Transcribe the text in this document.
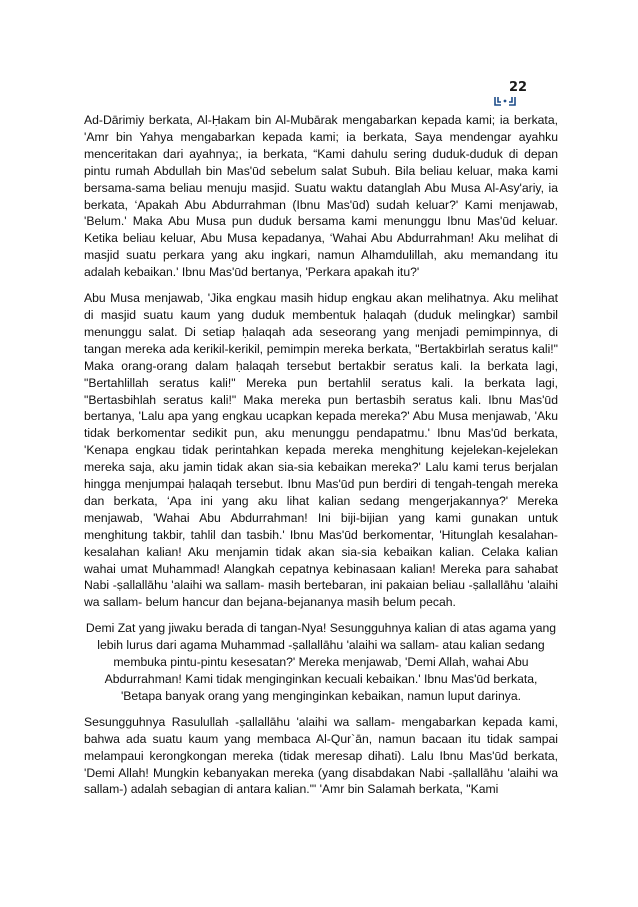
22

Ad-Dārimiy berkata, Al-Ḥakam bin Al-Mubārak mengabarkan kepada kami; ia berkata, 'Amr bin Yahya mengabarkan kepada kami; ia berkata, Saya mendengar ayahku menceritakan dari ayahnya;, ia berkata, “Kami dahulu sering duduk-duduk di depan pintu rumah Abdullah bin Mas'ūd sebelum salat Subuh. Bila beliau keluar, maka kami bersama-sama beliau menuju masjid. Suatu waktu datanglah Abu Musa Al-Asy'ariy, ia berkata, ‘Apakah Abu Abdurrahman (Ibnu Mas'ūd) sudah keluar?' Kami menjawab, 'Belum.' Maka Abu Musa pun duduk bersama kami menunggu Ibnu Mas'ūd keluar. Ketika beliau keluar, Abu Musa kepadanya, ‘Wahai Abu Abdurrahman! Aku melihat di masjid suatu perkara yang aku ingkari, namun Alhamdulillah, aku memandang itu adalah kebaikan.' Ibnu Mas'ūd bertanya, 'Perkara apakah itu?'

Abu Musa menjawab, 'Jika engkau masih hidup engkau akan melihatnya. Aku melihat di masjid suatu kaum yang duduk membentuk ḥalaqah (duduk melingkar) sambil menunggu salat. Di setiap ḥalaqah ada seseorang yang menjadi pemimpinnya, di tangan mereka ada kerikil-kerikil, pemimpin mereka berkata, "Bertakbirlah seratus kali!" Maka orang-orang dalam ḥalaqah tersebut bertakbir seratus kali. Ia berkata lagi, "Bertahlillah seratus kali!" Mereka pun bertahlil seratus kali. Ia berkata lagi, "Bertasbihlah seratus kali!" Maka mereka pun bertasbih seratus kali. Ibnu Mas'ūd bertanya, 'Lalu apa yang engkau ucapkan kepada mereka?' Abu Musa menjawab, 'Aku tidak berkomentar sedikit pun, aku menunggu pendapatmu.' Ibnu Mas'ūd berkata, 'Kenapa engkau tidak perintahkan kepada mereka menghitung kejelekan-kejelekan mereka saja, aku jamin tidak akan sia-sia kebaikan mereka?' Lalu kami terus berjalan hingga menjumpai ḥalaqah tersebut. Ibnu Mas'ūd pun berdiri di tengah-tengah mereka dan berkata, ‘Apa ini yang aku lihat kalian sedang mengerjakannya?' Mereka menjawab, 'Wahai Abu Abdurrahman! Ini biji-bijian yang kami gunakan untuk menghitung takbir, tahlil dan tasbih.' Ibnu Mas'ūd berkomentar, 'Hitunglah kesalahan-kesalahan kalian! Aku menjamin tidak akan sia-sia kebaikan kalian. Celaka kalian wahai umat Muhammad! Alangkah cepatnya kebinasaan kalian! Mereka para sahabat Nabi -ṣallallāhu 'alaihi wa sallam- masih bertebaran, ini pakaian beliau -ṣallallāhu 'alaihi wa sallam- belum hancur dan bejana-bejananya masih belum pecah.

Demi Zat yang jiwaku berada di tangan-Nya! Sesungguhnya kalian di atas agama yang lebih lurus dari agama Muhammad -ṣallallāhu 'alaihi wa sallam- atau kalian sedang membuka pintu-pintu kesesatan?' Mereka menjawab, 'Demi Allah, wahai Abu Abdurrahman! Kami tidak menginginkan kecuali kebaikan.' Ibnu Mas'ūd berkata, 'Betapa banyak orang yang menginginkan kebaikan, namun luput darinya.

Sesungguhnya Rasulullah -ṣallallāhu 'alaihi wa sallam- mengabarkan kepada kami, bahwa ada suatu kaum yang membaca Al-Qur`ān, namun bacaan itu tidak sampai melampaui kerongkongan mereka (tidak meresap dihati). Lalu Ibnu Mas'ūd berkata, 'Demi Allah! Mungkin kebanyakan mereka (yang disabdakan Nabi -ṣallallāhu 'alaihi wa sallam-) adalah sebagian di antara kalian.'" 'Amr bin Salamah berkata, "Kami
